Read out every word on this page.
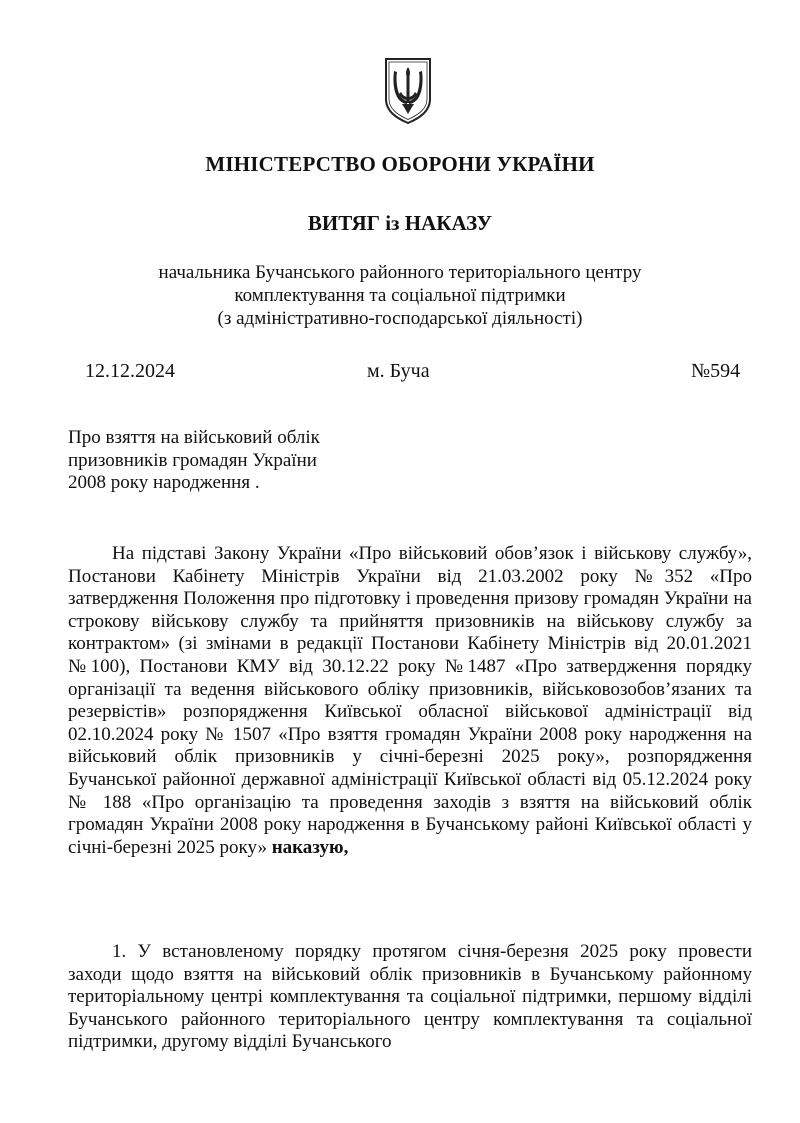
МІНІСТЕРСТВО ОБОРОНИ УКРАЇНИ
ВИТЯГ із НАКАЗУ
начальника Бучанського районного територіального центру
комплектування та соціальної підтримки
(з адміністративно-господарської діяльності)
12.12.2024	м. Буча	№594
Про взяття на військовий облік
призовників громадян України
2008 року народження .
На підставі Закону України «Про військовий обов’язок і військову службу», Постанови Кабінету Міністрів України від 21.03.2002 року №352 «Про затвердження Положення про підготовку і проведення призову громадян України на строкову військову службу та прийняття призовників на військову службу за контрактом» (зі змінами в редакції Постанови Кабінету Міністрів від 20.01.2021 №100), Постанови КМУ від 30.12.22 року №1487 «Про затвердження порядку організації та ведення військового обліку призовників, військовозобов’язаних та резервістів» розпорядження Київської обласної військової адміністрації від 02.10.2024 року № 1507 «Про взяття громадян України 2008 року народження на військовий облік призовників у січні-березні 2025 року», розпорядження Бучанської районної державної адміністрації Київської області від 05.12.2024 року № 188 «Про організацію та проведення заходів з взяття на військовий облік громадян України 2008 року народження в Бучанському районі Київської області у січні-березні 2025 року» наказую,
1. У встановленому порядку протягом січня-березня 2025 року провести заходи щодо взяття на військовий облік призовників в Бучанському районному територіальному центрі комплектування та соціальної підтримки, першому відділі Бучанського районного територіального центру комплектування та соціальної підтримки, другому відділі Бучанського
